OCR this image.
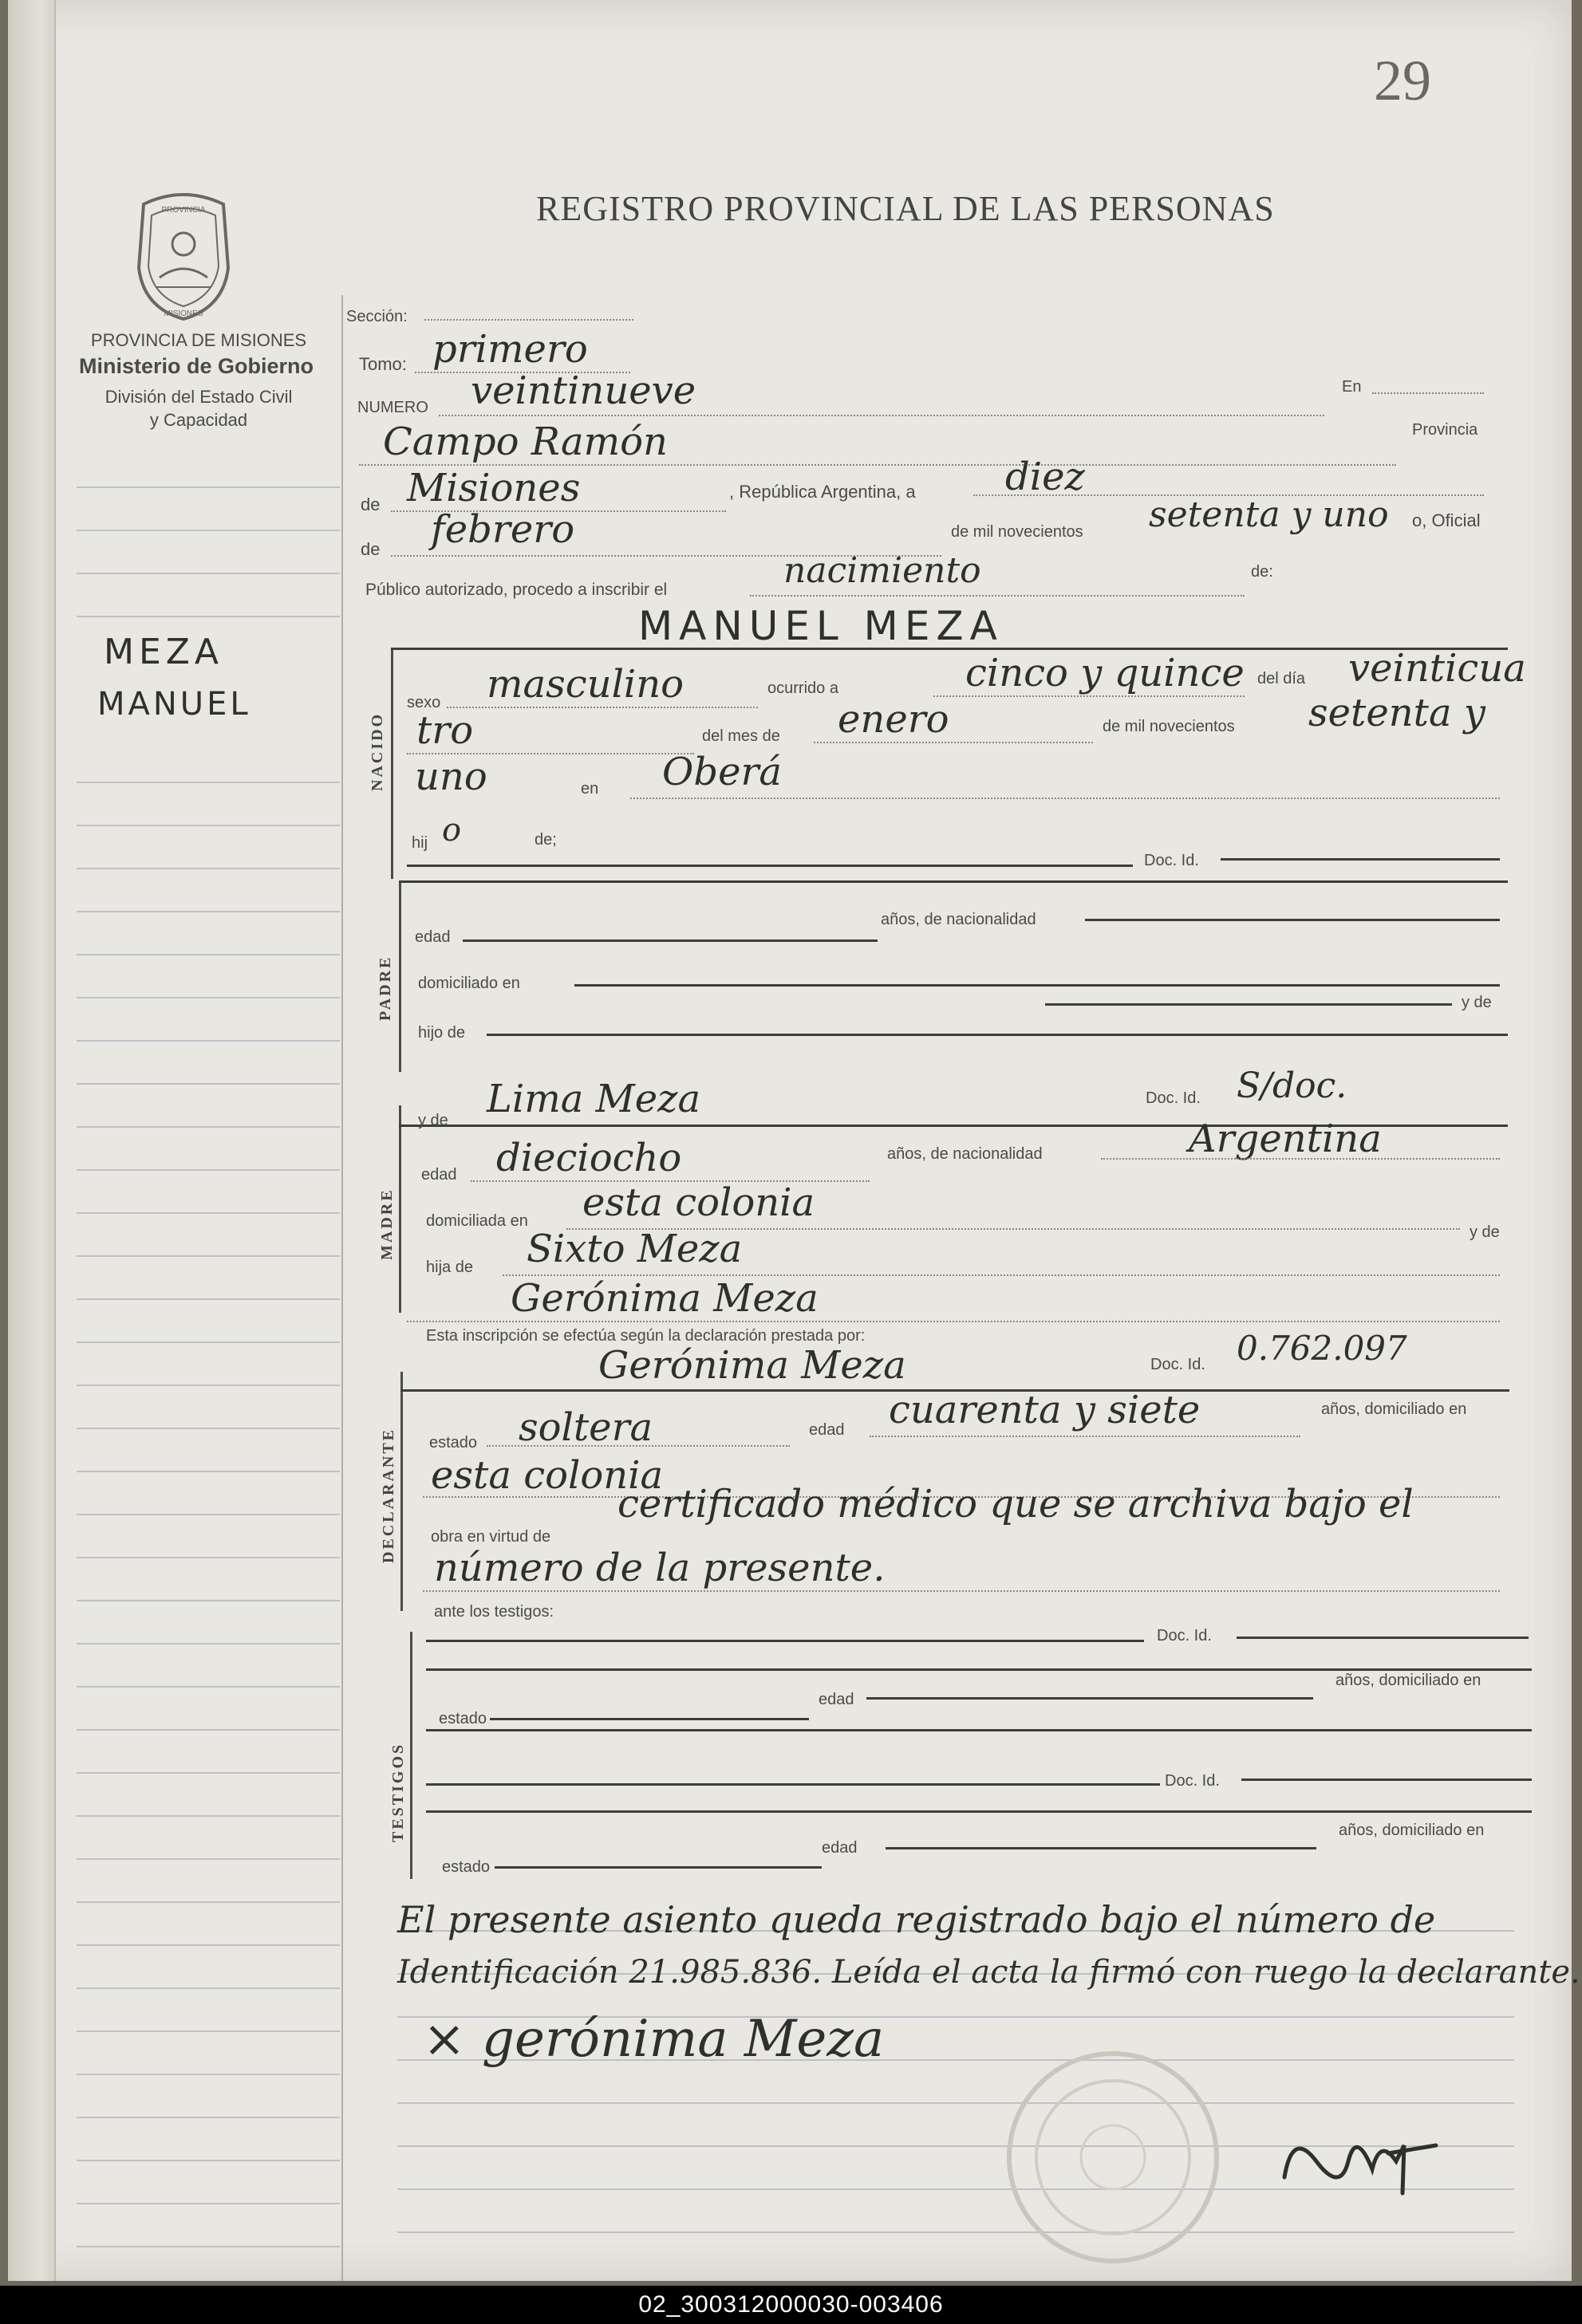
29
REGISTRO PROVINCIAL DE LAS PERSONAS
PROVINCIA
MISIONES
PROVINCIA DE MISIONES
Ministerio de Gobierno
División del Estado Civil
y Capacidad
MEZA
MANUEL
Sección:
Tomo: primero
NUMERO veintinueve	En
Campo Ramón	Provincia
de Misiones	, República Argentina, a diez
de febrero	de mil novecientos setenta y uno o, Oficial
Público autorizado, procedo a inscribir el	nacimiento	de:
MANUEL MEZA
NACIDO
sexo masculino	ocurrido a	cinco y quince del día veinticua
tro	del mes de enero	de mil novecientos setenta y
uno	en Oberá
hij o	de;
Doc. Id.
PADRE
edad
años, de nacionalidad
domiciliado en
y de
hijo de
MADRE
y de Lima Meza	Doc. Id. S/doc.
edad dieciocho	años, de nacionalidad	Argentina
domiciliada en esta colonia
y de
hija de Sixto Meza
Gerónima Meza
Esta inscripción se efectúa según la declaración prestada por:
DECLARANTE
Gerónima Meza	Doc. Id. 0.762.097
estado soltera	edad cuarenta y siete	años, domiciliado en
esta colonia
obra en virtud de
certificado médico que se archiva bajo el
número de la presente.
ante los testigos:
Doc. Id.
TESTIGOS
estado
edad
años, domiciliado en
Doc. Id.
estado
edad
años, domiciliado en
El presente asiento queda registrado bajo el número de
Identificación 21.985.836. Leída el acta la firmó con ruego la declarante.
× gerónima Meza
02_300312000030-003406
